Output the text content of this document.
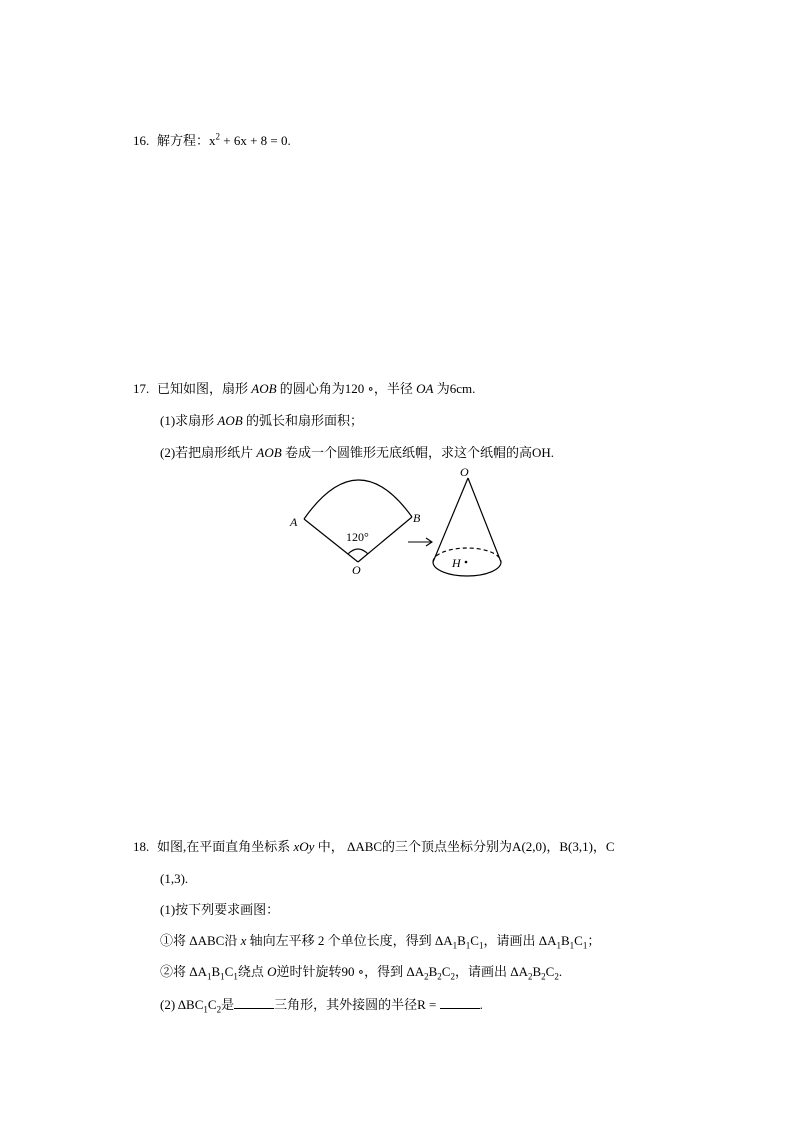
16. 解方程：$x^2 + 6x + 8 = 0$.
17. 已知如图，扇形 AOB 的圆心角为120 ∘，半径 OA 为6cm.
(1)求扇形 AOB 的弧长和扇形面积；
(2)若把扇形纸片 AOB 卷成一个圆锥形无底纸帽，求这个纸帽的高OH.
A	B
O
120°
O
H
18. 如图,在平面直角坐标系 xOy 中， ΔABC的三个顶点坐标分别为A(2,0)，B(3,1)，C
(1,3).
(1)按下列要求画图：
①将 ΔABC沿 x 轴向左平移 2 个单位长度，得到 $\Delta A_1B_1C_1$，请画出 $\Delta A_1B_1C_1$；
②将 $\Delta A_1B_1C_1$绕点 O逆时针旋转90 ∘，得到 $\Delta A_2B_2C_2$，请画出 $\Delta A_2B_2C_2$.
(2) $\Delta BC_1C_2$是	三角形，其外接圆的半径R =	.
